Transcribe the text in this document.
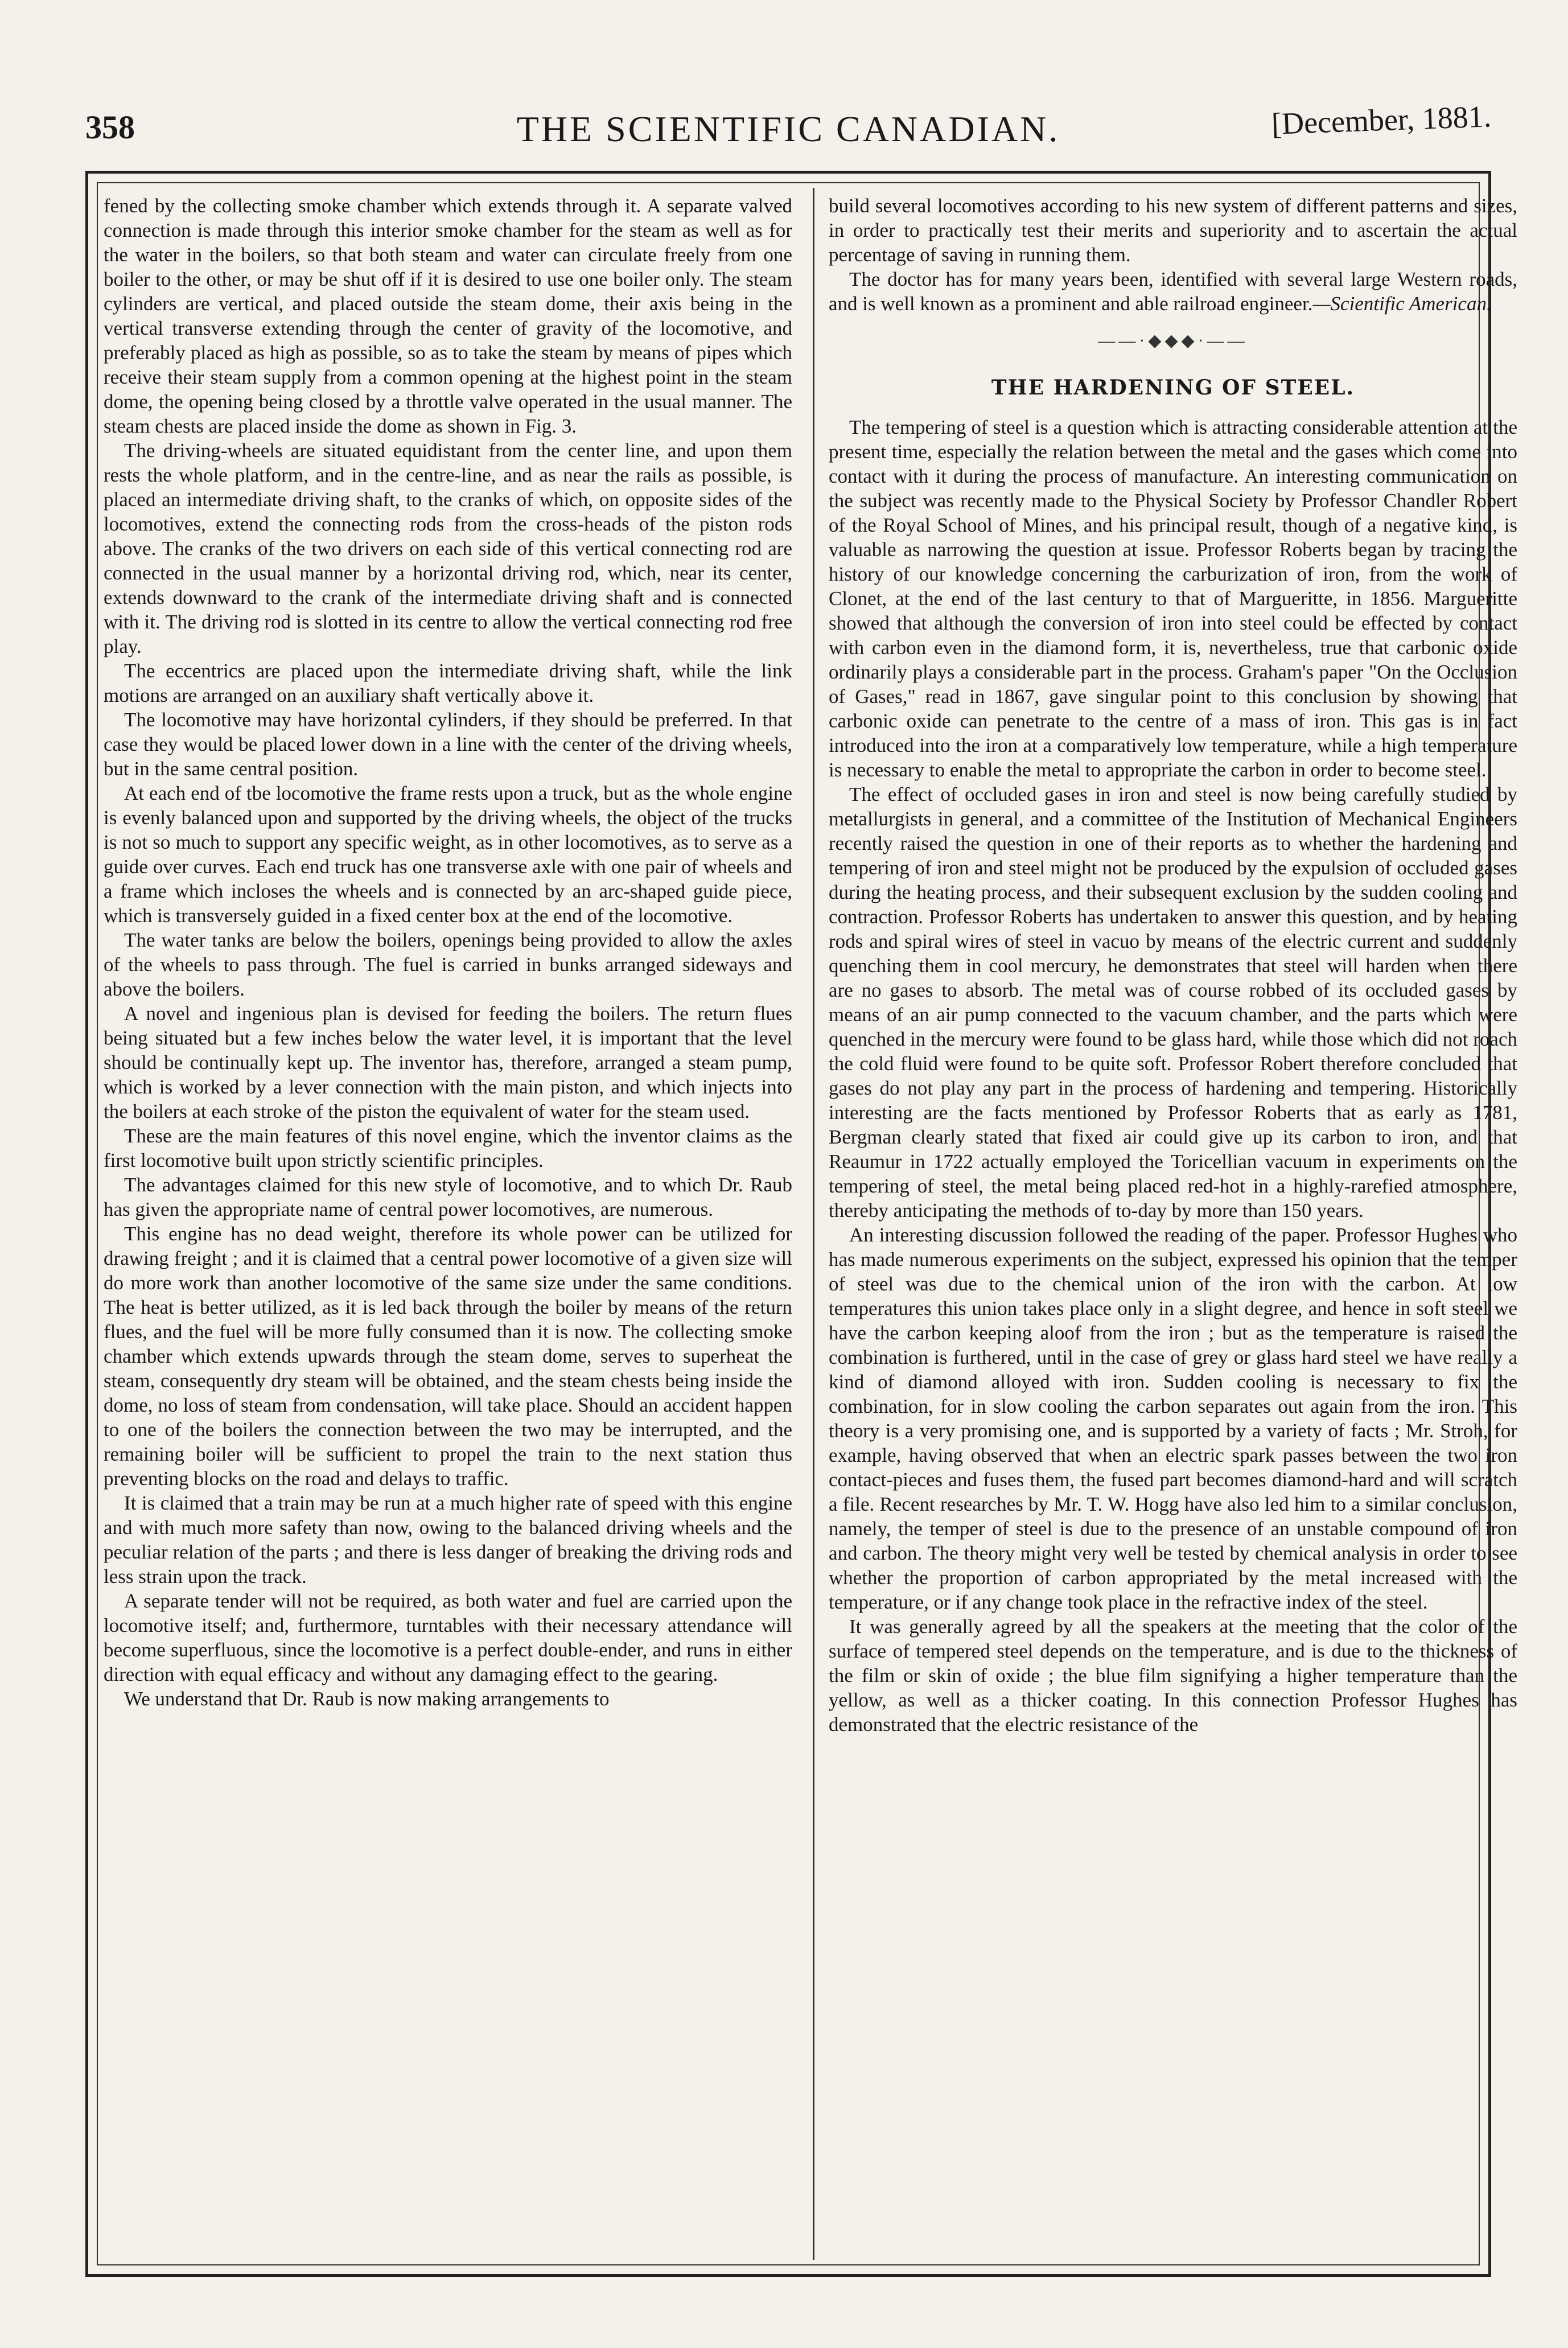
358	THE SCIENTIFIC CANADIAN.	[December, 1881.

fened by the collecting smoke chamber which extends through it. A separate valved connection is made through this interior smoke chamber for the steam as well as for the water in the boilers, so that both steam and water can circulate freely from one boiler to the other, or may be shut off if it is desired to use one boiler only. The steam cylinders are vertical, and placed outside the steam dome, their axis being in the vertical transverse extending through the center of gravity of the locomotive, and preferably placed as high as possible, so as to take the steam by means of pipes which receive their steam supply from a common opening at the highest point in the steam dome, the opening being closed by a throttle valve operated in the usual manner. The steam chests are placed inside the dome as shown in Fig. 3.

The driving-wheels are situated equidistant from the center line, and upon them rests the whole platform, and in the centre-line, and as near the rails as possible, is placed an intermediate driving shaft, to the cranks of which, on opposite sides of the locomotives, extend the connecting rods from the cross-heads of the piston rods above. The cranks of the two drivers on each side of this vertical connecting rod are connected in the usual manner by a horizontal driving rod, which, near its center, extends downward to the crank of the intermediate driving shaft and is connected with it. The driving rod is slotted in its centre to allow the vertical connecting rod free play.

The eccentrics are placed upon the intermediate driving shaft, while the link motions are arranged on an auxiliary shaft vertically above it.

The locomotive may have horizontal cylinders, if they should be preferred. In that case they would be placed lower down in a line with the center of the driving wheels, but in the same central position.

At each end of tbe locomotive the frame rests upon a truck, but as the whole engine is evenly balanced upon and supported by the driving wheels, the object of the trucks is not so much to support any specific weight, as in other locomotives, as to serve as a guide over curves. Each end truck has one transverse axle with one pair of wheels and a frame which incloses the wheels and is connected by an arc-shaped guide piece, which is transversely guided in a fixed center box at the end of the locomotive.

The water tanks are below the boilers, openings being provided to allow the axles of the wheels to pass through. The fuel is carried in bunks arranged sideways and above the boilers.

A novel and ingenious plan is devised for feeding the boilers. The return flues being situated but a few inches below the water level, it is important that the level should be continually kept up. The inventor has, therefore, arranged a steam pump, which is worked by a lever connection with the main piston, and which injects into the boilers at each stroke of the piston the equivalent of water for the steam used.

These are the main features of this novel engine, which the inventor claims as the first locomotive built upon strictly scientific principles.

The advantages claimed for this new style of locomotive, and to which Dr. Raub has given the appropriate name of central power locomotives, are numerous.

This engine has no dead weight, therefore its whole power can be utilized for drawing freight ; and it is claimed that a central power locomotive of a given size will do more work than another locomotive of the same size under the same conditions. The heat is better utilized, as it is led back through the boiler by means of the return flues, and the fuel will be more fully consumed than it is now. The collecting smoke chamber which extends upwards through the steam dome, serves to superheat the steam, consequently dry steam will be obtained, and the steam chests being inside the dome, no loss of steam from condensation, will take place. Should an accident happen to one of the boilers the connection between the two may be interrupted, and the remaining boiler will be sufficient to propel the train to the next station thus preventing blocks on the road and delays to traffic.

It is claimed that a train may be run at a much higher rate of speed with this engine and with much more safety than now, owing to the balanced driving wheels and the peculiar relation of the parts ; and there is less danger of breaking the driving rods and less strain upon the track.

A separate tender will not be required, as both water and fuel are carried upon the locomotive itself; and, furthermore, turntables with their necessary attendance will become superfluous, since the locomotive is a perfect double-ender, and runs in either direction with equal efficacy and without any damaging effect to the gearing.

We understand that Dr. Raub is now making arrangements to

build several locomotives according to his new system of different patterns and sizes, in order to practically test their merits and superiority and to ascertain the actual percentage of saving in running them.

The doctor has for many years been, identified with several large Western roads, and is well known as a prominent and able railroad engineer.—Scientific American.

——·◆◆◆·——
THE HARDENING OF STEEL.

The tempering of steel is a question which is attracting considerable attention at the present time, especially the relation between the metal and the gases which come into contact with it during the process of manufacture. An interesting communication on the subject was recently made to the Physical Society by Professor Chandler Robert of the Royal School of Mines, and his principal result, though of a negative kind, is valuable as narrowing the question at issue. Professor Roberts began by tracing the history of our knowledge concerning the carburization of iron, from the work of Clonet, at the end of the last century to that of Margueritte, in 1856. Margueritte showed that although the conversion of iron into steel could be effected by contact with carbon even in the diamond form, it is, nevertheless, true that carbonic oxide ordinarily plays a considerable part in the process. Graham's paper "On the Occlusion of Gases," read in 1867, gave singular point to this conclusion by showing that carbonic oxide can penetrate to the centre of a mass of iron. This gas is in fact introduced into the iron at a comparatively low temperature, while a high temperature is necessary to enable the metal to appropriate the carbon in order to become steel.

The effect of occluded gases in iron and steel is now being carefully studied by metallurgists in general, and a committee of the Institution of Mechanical Engineers recently raised the question in one of their reports as to whether the hardening and tempering of iron and steel might not be produced by the expulsion of occluded gases during the heating process, and their subsequent exclusion by the sudden cooling and contraction. Professor Roberts has undertaken to answer this question, and by heating rods and spiral wires of steel in vacuo by means of the electric current and suddenly quenching them in cool mercury, he demonstrates that steel will harden when there are no gases to absorb. The metal was of course robbed of its occluded gases by means of an air pump connected to the vacuum chamber, and the parts which were quenched in the mercury were found to be glass hard, while those which did not roach the cold fluid were found to be quite soft. Professor Robert therefore concluded that gases do not play any part in the process of hardening and tempering. Historically interesting are the facts mentioned by Professor Roberts that as early as 1781, Bergman clearly stated that fixed air could give up its carbon to iron, and that Reaumur in 1722 actually employed the Toricellian vacuum in experiments on the tempering of steel, the metal being placed red-hot in a highly-rarefied atmosphere, thereby anticipating the methods of to-day by more than 150 years.

An interesting discussion followed the reading of the paper. Professor Hughes who has made numerous experiments on the subject, expressed his opinion that the temper of steel was due to the chemical union of the iron with the carbon. At low temperatures this union takes place only in a slight degree, and hence in soft steel we have the carbon keeping aloof from the iron ; but as the temperature is raised the combination is furthered, until in the case of grey or glass hard steel we have really a kind of diamond alloyed with iron. Sudden cooling is necessary to fix the combination, for in slow cooling the carbon separates out again from the iron. This theory is a very promising one, and is supported by a variety of facts ; Mr. Stroh, for example, having observed that when an electric spark passes between the two iron contact-pieces and fuses them, the fused part becomes diamond-hard and will scratch a file. Recent researches by Mr. T. W. Hogg have also led him to a similar conclusion, namely, the temper of steel is due to the presence of an unstable compound of iron and carbon. The theory might very well be tested by chemical analysis in order to see whether the proportion of carbon appropriated by the metal increased with the temperature, or if any change took place in the refractive index of the steel.

It was generally agreed by all the speakers at the meeting that the color of the surface of tempered steel depends on the temperature, and is due to the thickness of the film or skin of oxide ; the blue film signifying a higher temperature than the yellow, as well as a thicker coating. In this connection Professor Hughes has demonstrated that the electric resistance of the
